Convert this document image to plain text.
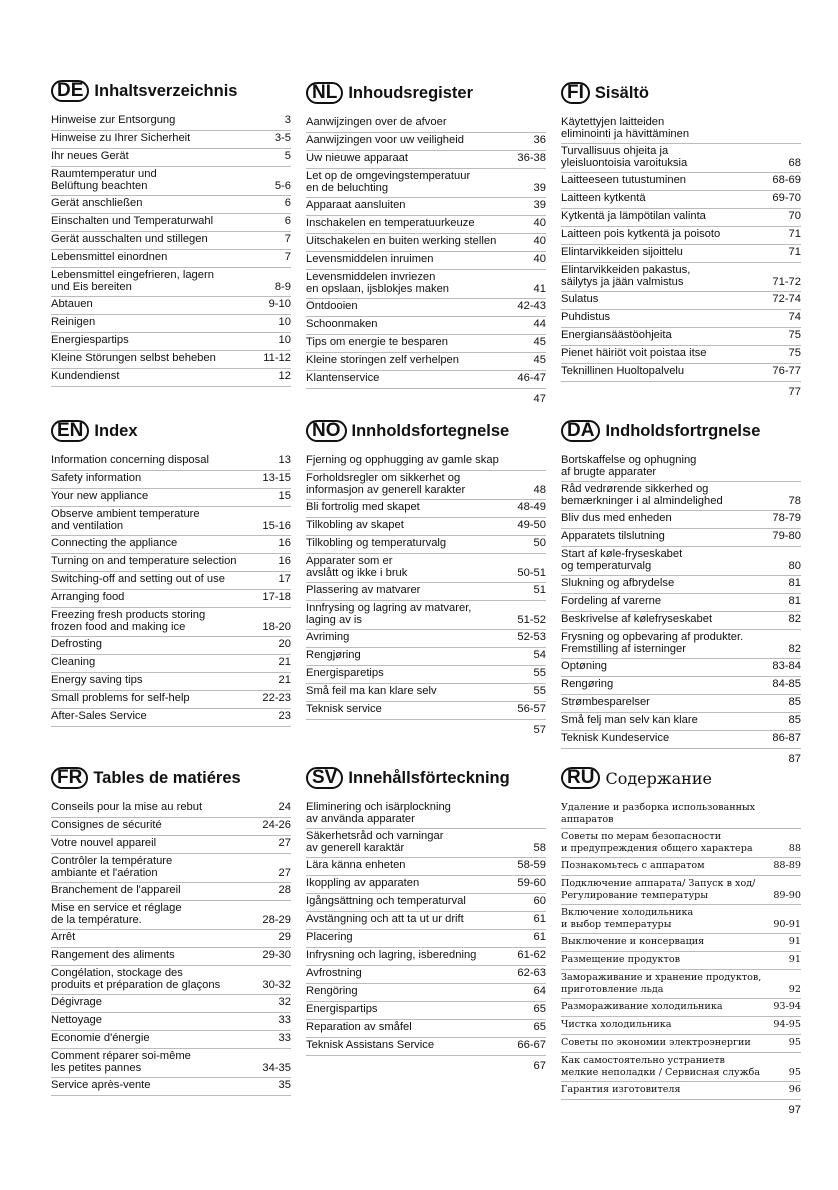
DE Inhaltsverzeichnis
Hinweise zur Entsorgung	3
Hinweise zu Ihrer Sicherheit	3-5
Ihr neues Gerät	5
Raumtemperatur und
Belüftung beachten	5-6
Gerät anschließen	6
Einschalten und Temperaturwahl	6
Gerät ausschalten und stillegen	7
Lebensmittel einordnen	7
Lebensmittel eingefrieren, lagern
und Eis bereiten	8-9
Abtauen	9-10
Reinigen	10
Energiespartips	10
Kleine Störungen selbst beheben	11-12
Kundendienst	12
NL Inhoudsregister
Aanwijzingen over de afvoer
Aanwijzingen voor uw veiligheid	36
Uw nieuwe apparaat	36-38
Let op de omgevingstemperatuur
en de beluchting	39
Apparaat aansluiten	39
Inschakelen en temperatuurkeuze	40
Uitschakelen en buiten werking stellen	40
Levensmiddelen inruimen	40
Levensmiddelen invriezen
en opslaan, ijsblokjes maken	41
Ontdooien	42-43
Schoonmaken	44
Tips om energie te besparen	45
Kleine storingen zelf verhelpen	45
Klantenservice	46-47
47
FI Sisältö
Käytettyjen laitteiden
eliminointi ja hävittäminen
Turvallisuus ohjeita ja
yleisluontoisia varoituksia	68
Laitteeseen tutustuminen	68-69
Laitteen kytkentä	69-70
Kytkentä ja lämpötilan valinta	70
Laitteen pois kytkentä ja poisoto	71
Elintarvikkeiden sijoittelu	71
Elintarvikkeiden pakastus,
säilytys ja jään valmistus	71-72
Sulatus	72-74
Puhdistus	74
Energiansäästöohjeita	75
Pienet häiriöt voit poistaa itse	75
Teknillinen Huoltopalvelu	76-77
77
EN Index
Information concerning disposal	13
Safety information	13-15
Your new appliance	15
Observe ambient temperature
and ventilation	15-16
Connecting the appliance	16
Turning on and temperature selection	16
Switching-off and setting out of use	17
Arranging food	17-18
Freezing fresh products storing
frozen food and making ice	18-20
Defrosting	20
Cleaning	21
Energy saving tips	21
Small problems for self-help	22-23
After-Sales Service	23
NO Innholdsfortegnelse
Fjerning og opphugging av gamle skap
Forholdsregler om sikkerhet og
informasjon av generell karakter	48
Bli fortrolig med skapet	48-49
Tilkobling av skapet	49-50
Tilkobling og temperaturvalg	50
Apparater som er
avslått og ikke i bruk	50-51
Plassering av matvarer	51
Innfrysing og lagring av matvarer,
laging av is	51-52
Avriming	52-53
Rengjøring	54
Energisparetips	55
Små feil ma kan klare selv	55
Teknisk service	56-57
57
DA Indholdsfortrgnelse
Bortskaffelse og ophugning
af brugte apparater
Råd vedrørende sikkerhed og
bemærkninger i al almindelighed	78
Bliv dus med enheden	78-79
Apparatets tilslutning	79-80
Start af køle-fryseskabet
og temperaturvalg	80
Slukning og afbrydelse	81
Fordeling af varerne	81
Beskrivelse af kølefryseskabet	82
Frysning og opbevaring af produkter.
Fremstilling af isterninger	82
Optøning	83-84
Rengøring	84-85
Strømbesparelser	85
Små felj man selv kan klare	85
Teknisk Kundeservice	86-87
87
FR Tables de matiéres
Conseils pour la mise au rebut	24
Consignes de sécurité	24-26
Votre nouvel appareil	27
Contrôler la température
ambiante et l'aération	27
Branchement de l'appareil	28
Mise en service et réglage
de la température.	28-29
Arrêt	29
Rangement des aliments	29-30
Congélation, stockage des
produits et préparation de glaçons	30-32
Dégivrage	32
Nettoyage	33
Economie d'énergie	33
Comment réparer soi-même
les petites pannes	34-35
Service après-vente	35
SV Innehållsförteckning
Eliminering och isärplockning
av använda apparater
Säkerhetsråd och varningar
av generell karaktär	58
Lära känna enheten	58-59
Ikoppling av apparaten	59-60
Igångsättning och temperaturval	60
Avstängning och att ta ut ur drift	61
Placering	61
Infrysning och lagring, isberedning	61-62
Avfrostning	62-63
Rengöring	64
Energispartips	65
Reparation av småfel	65
Teknisk Assistans Service	66-67
67
RU Содержание
Удаление и разборка использованных
аппаратов
Советы по мерам безопасности
и предупреждения общего характера	88
Познакомьтесь с аппаратом	88-89
Подключение аппарата/ Запуск в ход/
Регулирование температуры	89-90
Включение холодильника
и выбор температуры	90-91
Выключение и консервация	91
Размещение продуктов	91
Замораживание и хранение продуктов,
приготовление льда	92
Размораживание холодильника	93-94
Чистка холодильника	94-95
Советы по экономии электроэнергии	95
Как самостоятельно устраниетв
мелкие неполадки / Сервисная служба	95
Гарантия изготовителя	96
97
